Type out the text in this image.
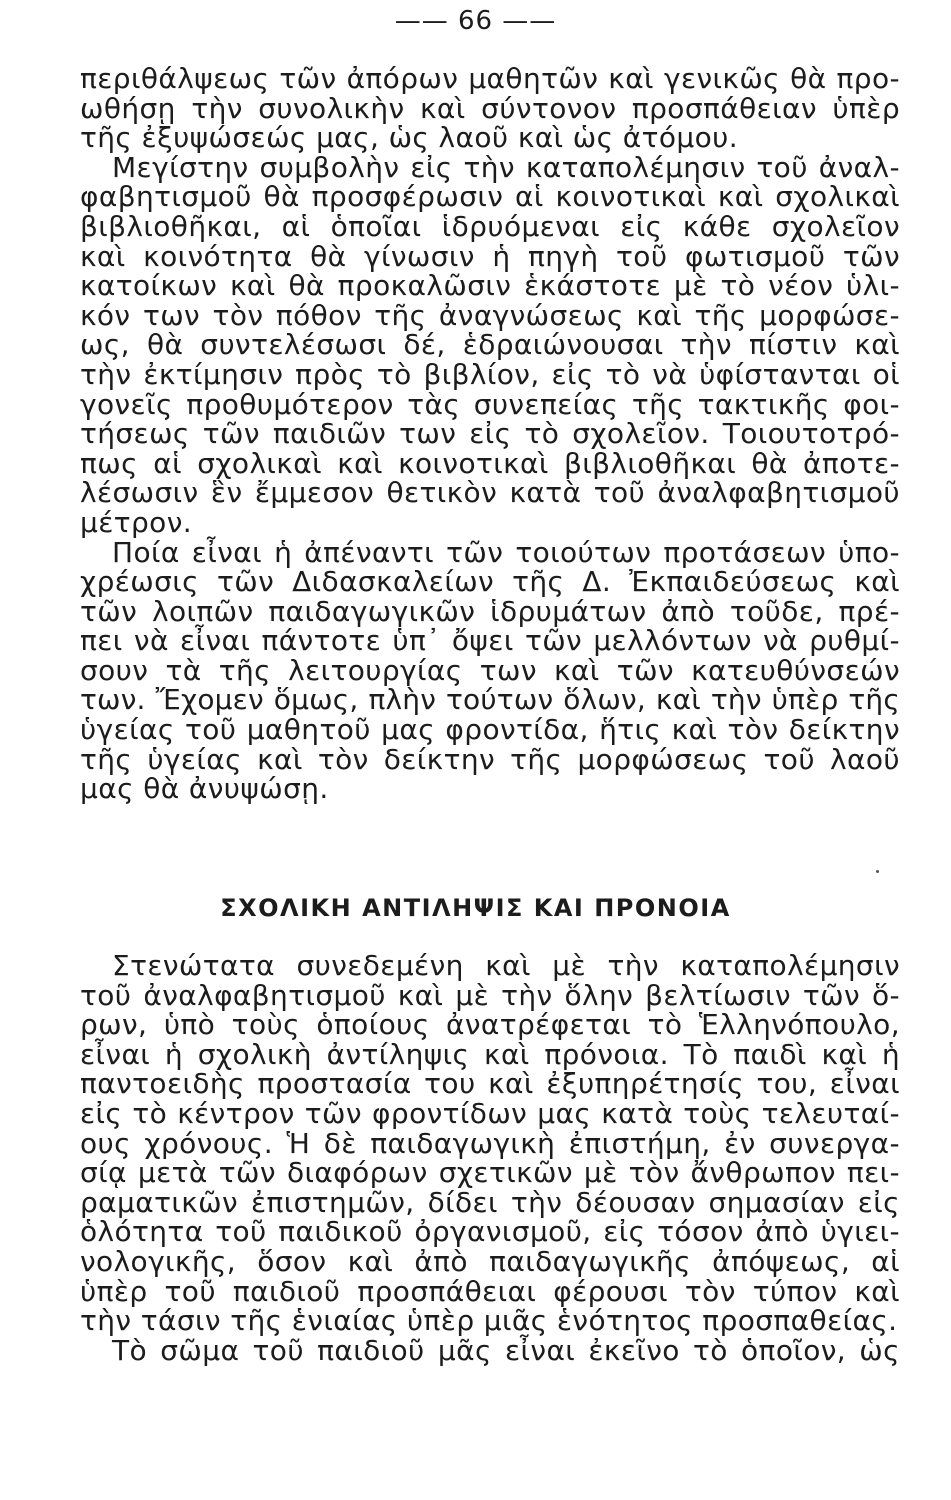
—— 66 ——
περιθάλψεως τῶν ἀπόρων μαθητῶν καὶ γενικῶς θὰ προ-
ωθήσῃ τὴν συνολικὴν καὶ σύντονον προσπάθειαν ὑπὲρ
τῆς ἐξυψώσεώς μας, ὡς λαοῦ καὶ ὡς ἀτόμου.
Μεγίστην συμβολὴν εἰς τὴν καταπολέμησιν τοῦ ἀναλ-
φαβητισμοῦ θὰ προσφέρωσιν αἱ κοινοτικαὶ καὶ σχολικαὶ
βιβλιοθῆκαι, αἱ ὁποῖαι ἱδρυόμεναι εἰς κάθε σχολεῖον
καὶ κοινότητα θὰ γίνωσιν ἡ πηγὴ τοῦ φωτισμοῦ τῶν
κατοίκων καὶ θὰ προκαλῶσιν ἑκάστοτε μὲ τὸ νέον ὑλι-
κόν των τὸν πόθον τῆς ἀναγνώσεως καὶ τῆς μορφώσε-
ως, θὰ συντελέσωσι δέ, ἑδραιώνουσαι τὴν πίστιν καὶ
τὴν ἐκτίμησιν πρὸς τὸ βιβλίον, εἰς τὸ νὰ ὑφίστανται οἱ
γονεῖς προθυμότερον τὰς συνεπείας τῆς τακτικῆς φοι-
τήσεως τῶν παιδιῶν των εἰς τὸ σχολεῖον. Τοιουτοτρό-
πως αἱ σχολικαὶ καὶ κοινοτικαὶ βιβλιοθῆκαι θὰ ἀποτε-
λέσωσιν ἓν ἔμμεσον θετικὸν κατὰ τοῦ ἀναλφαβητισμοῦ
μέτρον.
Ποία εἶναι ἡ ἀπέναντι τῶν τοιούτων προτάσεων ὑπο-
χρέωσις τῶν Διδασκαλείων τῆς Δ. Ἐκπαιδεύσεως καὶ
τῶν λοιπῶν παιδαγωγικῶν ἱδρυμάτων ἀπὸ τοῦδε, πρέ-
πει νὰ εἶναι πάντοτε ὑπ᾽ ὄψει τῶν μελλόντων νὰ ρυθμί-
σουν τὰ τῆς λειτουργίας των καὶ τῶν κατευθύνσεών
των. Ἔχομεν ὅμως, πλὴν τούτων ὅλων, καὶ τὴν ὑπὲρ τῆς
ὑγείας τοῦ μαθητοῦ μας φροντίδα, ἥτις καὶ τὸν δείκτην
τῆς ὑγείας καὶ τὸν δείκτην τῆς μορφώσεως τοῦ λαοῦ
μας θὰ ἀνυψώσῃ.
ΣΧΟΛΙΚΗ ΑΝΤΙΛΗΨΙΣ ΚΑΙ ΠΡΟΝΟΙΑ
Στενώτατα συνεδεμένη καὶ μὲ τὴν καταπολέμησιν
τοῦ ἀναλφαβητισμοῦ καὶ μὲ τὴν ὅλην βελτίωσιν τῶν ὅ-
ρων, ὑπὸ τοὺς ὁποίους ἀνατρέφεται τὸ Ἑλληνόπουλο,
εἶναι ἡ σχολικὴ ἀντίληψις καὶ πρόνοια. Τὸ παιδὶ καὶ ἡ
παντοειδὴς προστασία του καὶ ἐξυπηρέτησίς του, εἶναι
εἰς τὸ κέντρον τῶν φροντίδων μας κατὰ τοὺς τελευταί-
ους χρόνους. Ἡ δὲ παιδαγωγικὴ ἐπιστήμη, ἐν συνεργα-
σίᾳ μετὰ τῶν διαφόρων σχετικῶν μὲ τὸν ἄνθρωπον πει-
ραματικῶν ἐπιστημῶν, δίδει τὴν δέουσαν σημασίαν εἰς
ὁλότητα τοῦ παιδικοῦ ὀργανισμοῦ, εἰς τόσον ἀπὸ ὑγιει-
νολογικῆς, ὅσον καὶ ἀπὸ παιδαγωγικῆς ἀπόψεως, αἱ
ὑπὲρ τοῦ παιδιοῦ προσπάθειαι φέρουσι τὸν τύπον καὶ
τὴν τάσιν τῆς ἑνιαίας ὑπὲρ μιᾶς ἑνότητος προσπαθείας.
Τὸ σῶμα τοῦ παιδιοῦ μᾶς εἶναι ἐκεῖνο τὸ ὁποῖον, ὡς
